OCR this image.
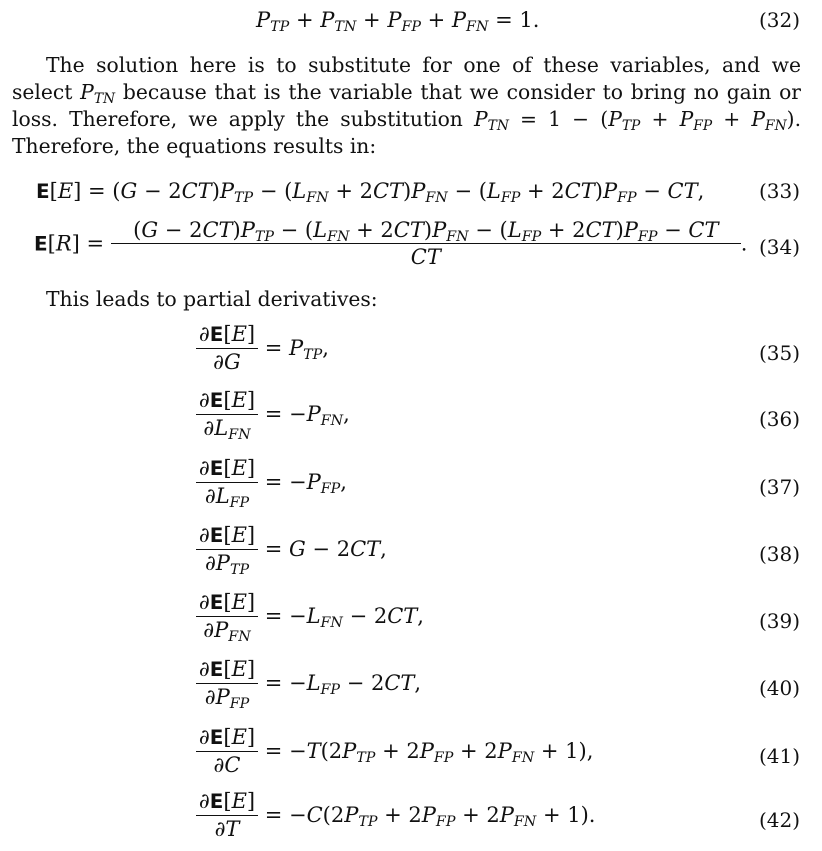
$P_{TP} + P_{TN} + P_{FP} + P_{FN} = 1$.	(32)

The solution here is to substitute for one of these variables, and we select $P_{TN}$ because that is the variable that we consider to bring no gain or loss. Therefore, we apply the substitution $P_{TN} = 1 - (P_{TP} + P_{FP} + P_{FN})$. Therefore, the equations results in:

$E[E] = (G - 2CT)P_{TP} - (L_{FN} + 2CT)P_{FN} - (L_{FP} + 2CT)P_{FP}$ − CT,	(33)
$E[R] = \frac{(G - 2CT)P_{TP} - (L_{FN} + 2CT)P_{FN} - (L_{FP} + 2CT)P_{FP} - CT}{CT}$ . (34)

This leads to partial derivatives:

$\frac{\partial E[E]}{\partial G} = P_{TP}$,	(35)
∂E[E]
$\partial L_{FN}$
= $-P_{FN}$,	(36)
∂E[E]
$\partial L_{FP}$
= $-P_{FP}$,	(37)
∂E[E]
$\partial P_{TP}$
= G − 2CT,	(38)
∂E[E]
$\partial P_{FN}$
= $-L_{FN} - 2CT$,	(39)
∂E[E]
$\partial P_{FP}$
= $-L_{FP} - 2CT$,	(40)
$\frac{\partial E[E]}{\partial C} = -T(2P_{TP} + 2P_{FP} + 2P_{FN} + 1)$,	(41)
$\frac{\partial E[E]}{\partial T} = -C(2P_{TP} + 2P_{FP} + 2P_{FN} + 1)$.	(42)
